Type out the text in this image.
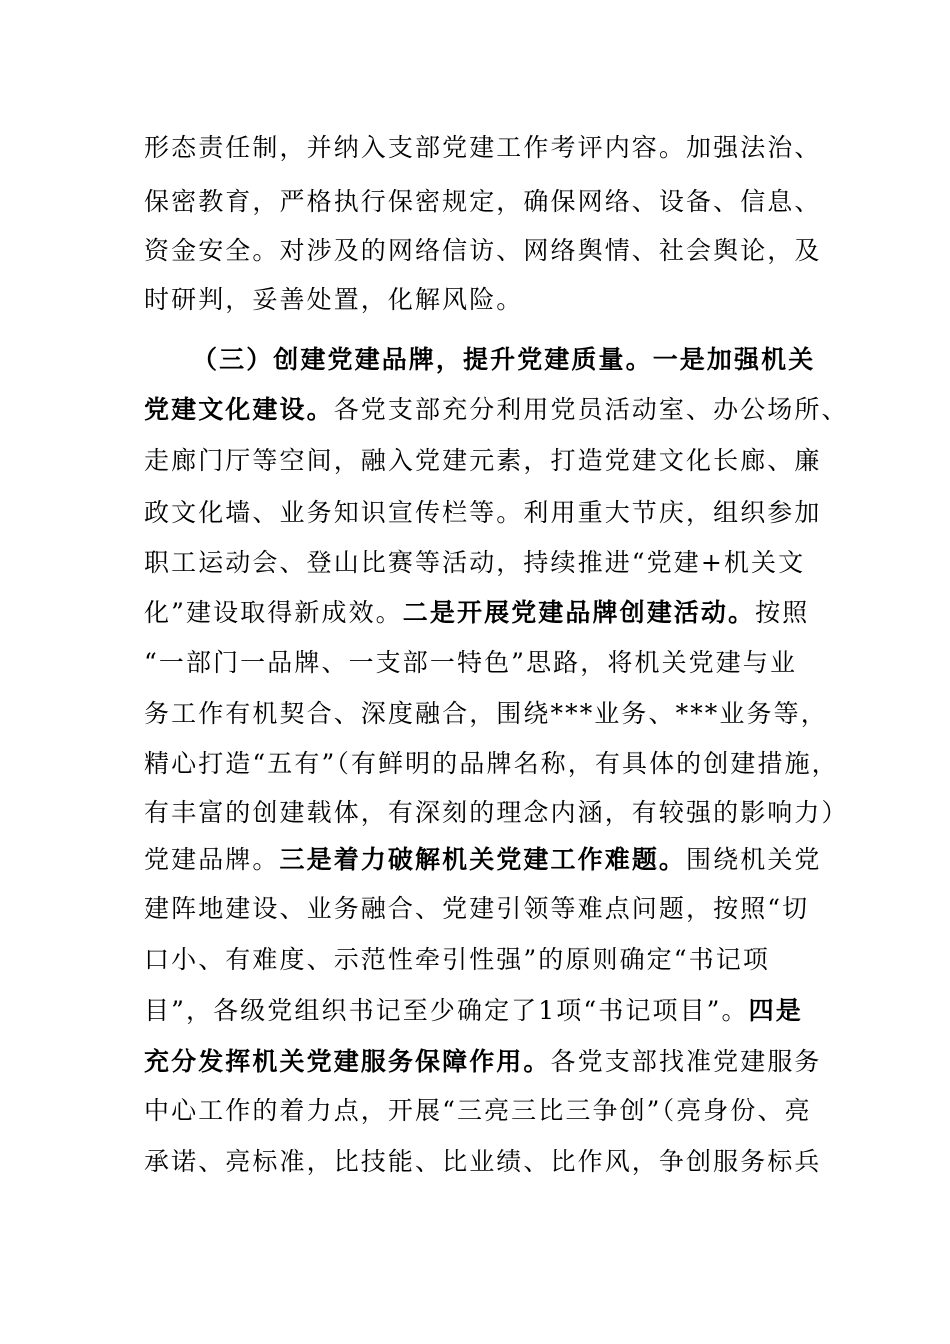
形态责任制，并纳入支部党建工作考评内容。加强法治、
保密教育，严格执行保密规定，确保网络、设备、信息、
资金安全。对涉及的网络信访、网络舆情、社会舆论，及
时研判，妥善处置，化解风险。
（三）创建党建品牌，提升党建质量。一是加强机关
党建文化建设。各党支部充分利用党员活动室、办公场所、
走廊门厅等空间，融入党建元素，打造党建文化长廊、廉
政文化墙、业务知识宣传栏等。利用重大节庆，组织参加
职工运动会、登山比赛等活动，持续推进“党建+机关文
化”建设取得新成效。二是开展党建品牌创建活动。按照
“一部门一品牌、一支部一特色”思路，将机关党建与业
务工作有机契合、深度融合，围绕***业务、***业务等，
精心打造“五有”（有鲜明的品牌名称，有具体的创建措施，
有丰富的创建载体，有深刻的理念内涵，有较强的影响力）
党建品牌。三是着力破解机关党建工作难题。围绕机关党
建阵地建设、业务融合、党建引领等难点问题，按照“切
口小、有难度、示范性牵引性强”的原则确定“书记项
目”，各级党组织书记至少确定了1项“书记项目”。四是
充分发挥机关党建服务保障作用。各党支部找准党建服务
中心工作的着力点，开展“三亮三比三争创”（亮身份、亮
承诺、亮标准，比技能、比业绩、比作风，争创服务标兵
